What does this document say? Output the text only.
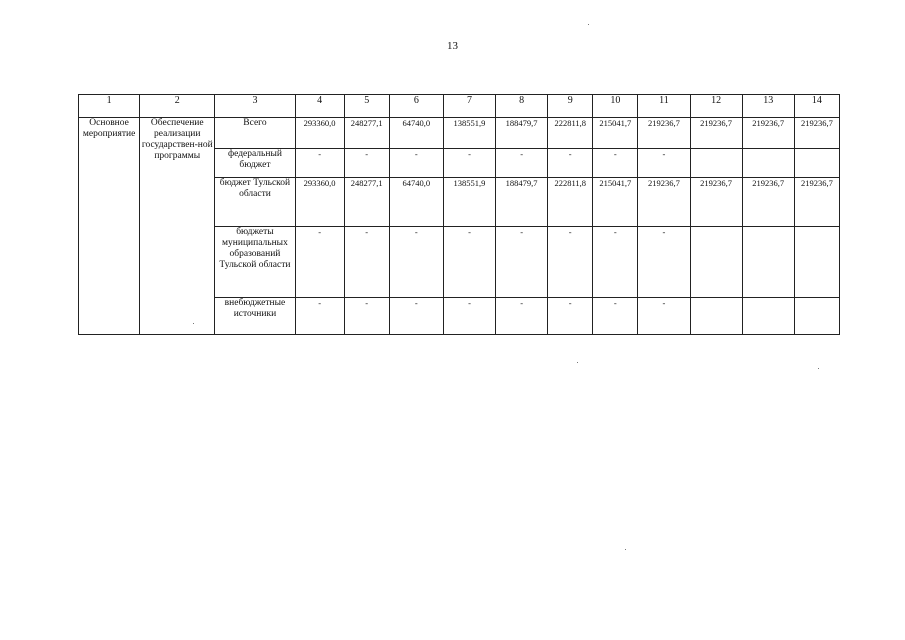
13
1	2	3	4	5	6	7	8	9	10	11	12	13	14
Основное мероприятие	Обеспечение реализации государствен-ной программы	Всего	293360,0	248277,1	64740,0	138551,9	188479,7	222811,8	215041,7	219236,7	219236,7	219236,7	219236,7
		федеральный бюджет	-	-	-	-	-	-	-	-			
		бюджет Тульской области	293360,0	248277,1	64740,0	138551,9	188479,7	222811,8	215041,7	219236,7	219236,7	219236,7	219236,7
		бюджеты муниципальных образований Тульской области	-	-	-	-	-	-	-	-			
		внебюджетные источники	-	-	-	-	-	-	-	-			
